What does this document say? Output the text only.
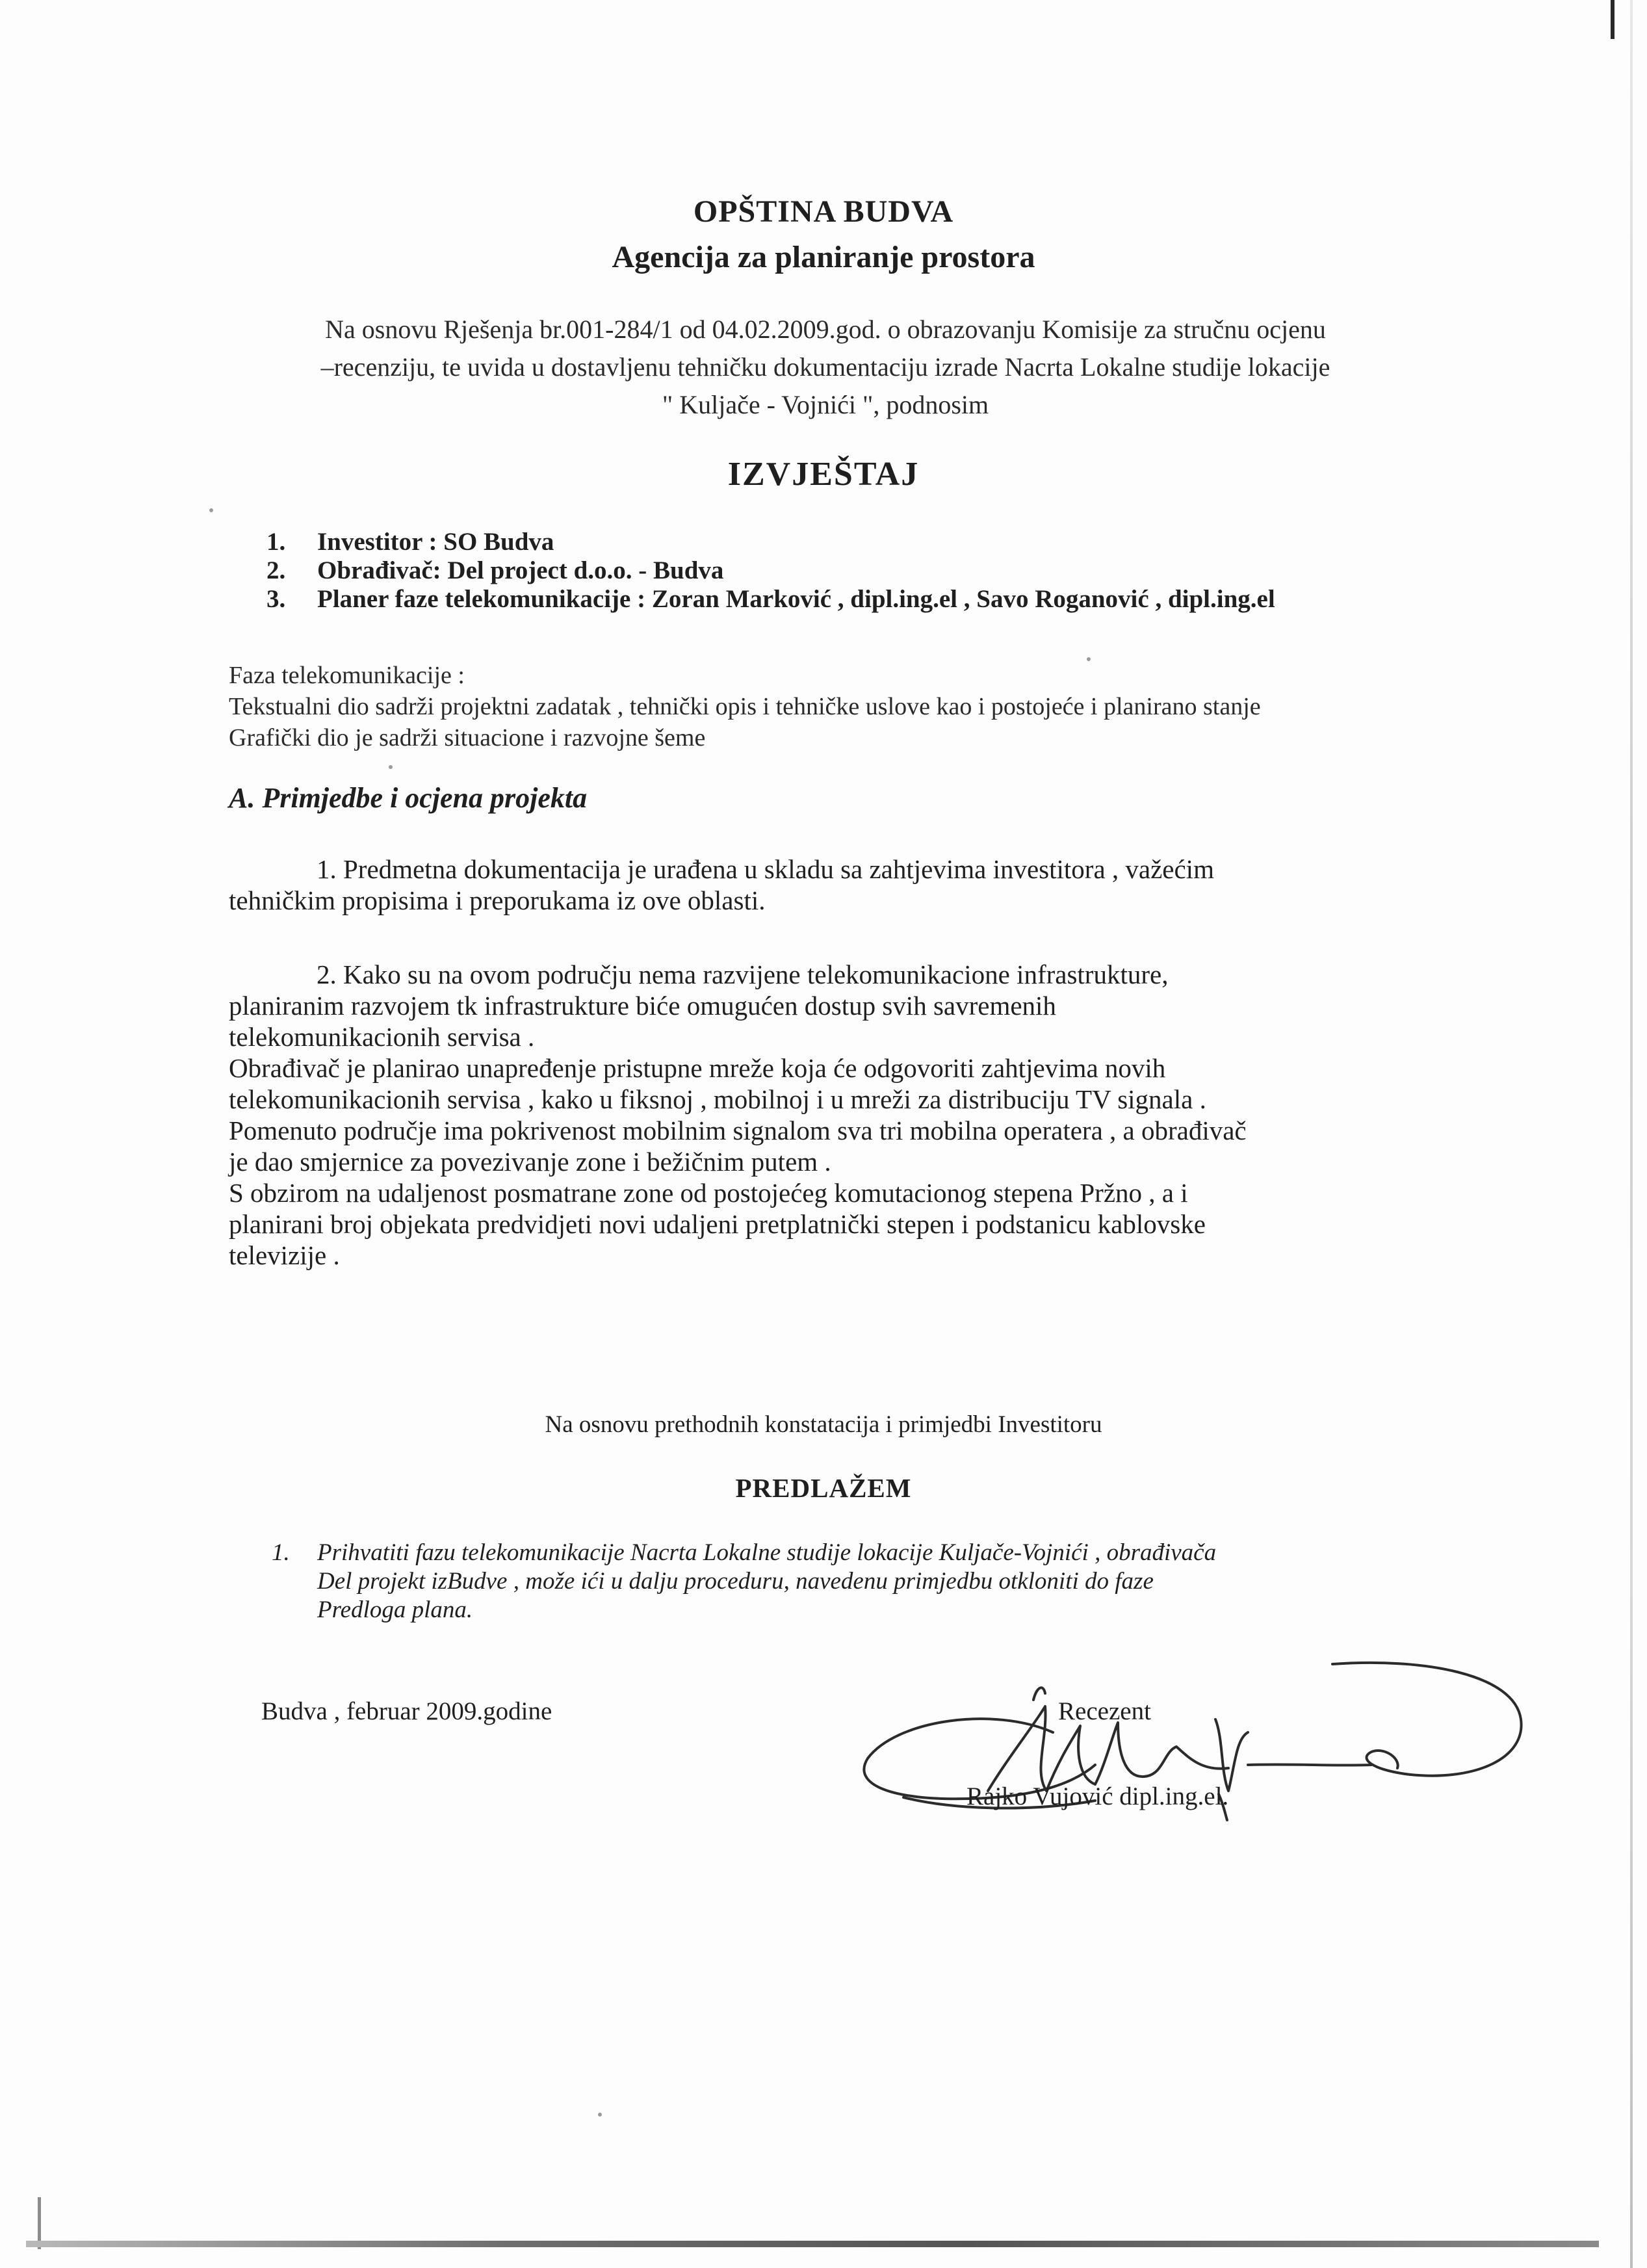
OPŠTINA BUDVA
Agencija za planiranje prostora
Na osnovu Rješenja br.001-284/1 od 04.02.2009.god. o obrazovanju Komisije za stručnu ocjenu
–recenziju, te uvida u dostavljenu tehničku dokumentaciju izrade Nacrta Lokalne studije lokacije
" Kuljače - Vojnići ", podnosim
IZVJEŠTAJ
1.	Investitor : SO Budva
2.	Obrađivač: Del project d.o.o. - Budva
3.	Planer faze telekomunikacije : Zoran Marković , dipl.ing.el , Savo Roganović , dipl.ing.el
Faza telekomunikacije :
Tekstualni dio sadrži projektni zadatak , tehnički opis i tehničke uslove kao i postojeće i planirano stanje
Grafički dio je sadrži situacione i razvojne šeme
A. Primjedbe i ocjena projekta
1. Predmetna dokumentacija je urađena u skladu sa zahtjevima investitora , važećim
tehničkim propisima i preporukama iz ove oblasti.
2. Kako su na ovom području nema razvijene telekomunikacione infrastrukture,
planiranim razvojem tk infrastrukture biće omugućen dostup svih savremenih
telekomunikacionih servisa .
Obrađivač je planirao unapređenje pristupne mreže koja će odgovoriti zahtjevima novih
telekomunikacionih servisa , kako u fiksnoj , mobilnoj i u mreži za distribuciju TV signala .
Pomenuto područje ima pokrivenost mobilnim signalom sva tri mobilna operatera , a obrađivač
je dao smjernice za povezivanje zone i bežičnim putem .
S obzirom na udaljenost posmatrane zone od postojećeg komutacionog stepena Pržno , a i
planirani broj objekata predvidjeti novi udaljeni pretplatnički stepen i podstanicu kablovske
televizije .
Na osnovu prethodnih konstatacija i primjedbi Investitoru
PREDLAŽEM
1.	Prihvatiti fazu telekomunikacije Nacrta Lokalne studije lokacije Kuljače-Vojnići , obrađivača
Del projekt izBudve , može ići u dalju proceduru, navedenu primjedbu otkloniti do faze
Predloga plana.
Budva , februar 2009.godine	Recezent
Rajko Vujović dipl.ing.el.
